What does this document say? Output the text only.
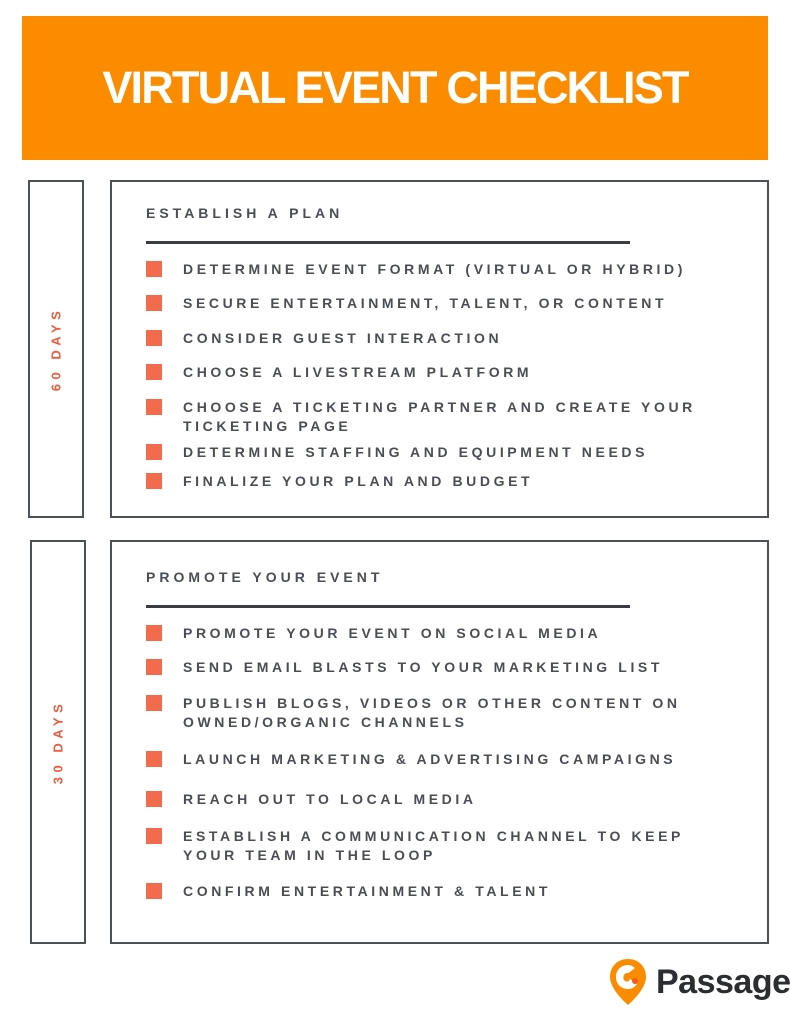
VIRTUAL EVENT CHECKLIST
60 DAYS
ESTABLISH A PLAN
DETERMINE EVENT FORMAT (VIRTUAL OR HYBRID)
SECURE ENTERTAINMENT, TALENT, OR CONTENT
CONSIDER GUEST INTERACTION
CHOOSE A LIVESTREAM PLATFORM
CHOOSE A TICKETING PARTNER AND CREATE YOUR TICKETING PAGE
DETERMINE STAFFING AND EQUIPMENT NEEDS
FINALIZE YOUR PLAN AND BUDGET
30 DAYS
PROMOTE YOUR EVENT
PROMOTE YOUR EVENT ON SOCIAL MEDIA
SEND EMAIL BLASTS TO YOUR MARKETING LIST
PUBLISH BLOGS, VIDEOS OR OTHER CONTENT ON OWNED/ORGANIC CHANNELS
LAUNCH MARKETING & ADVERTISING CAMPAIGNS
REACH OUT TO LOCAL MEDIA
ESTABLISH A COMMUNICATION CHANNEL TO KEEP YOUR TEAM IN THE LOOP
CONFIRM ENTERTAINMENT & TALENT
Passage
